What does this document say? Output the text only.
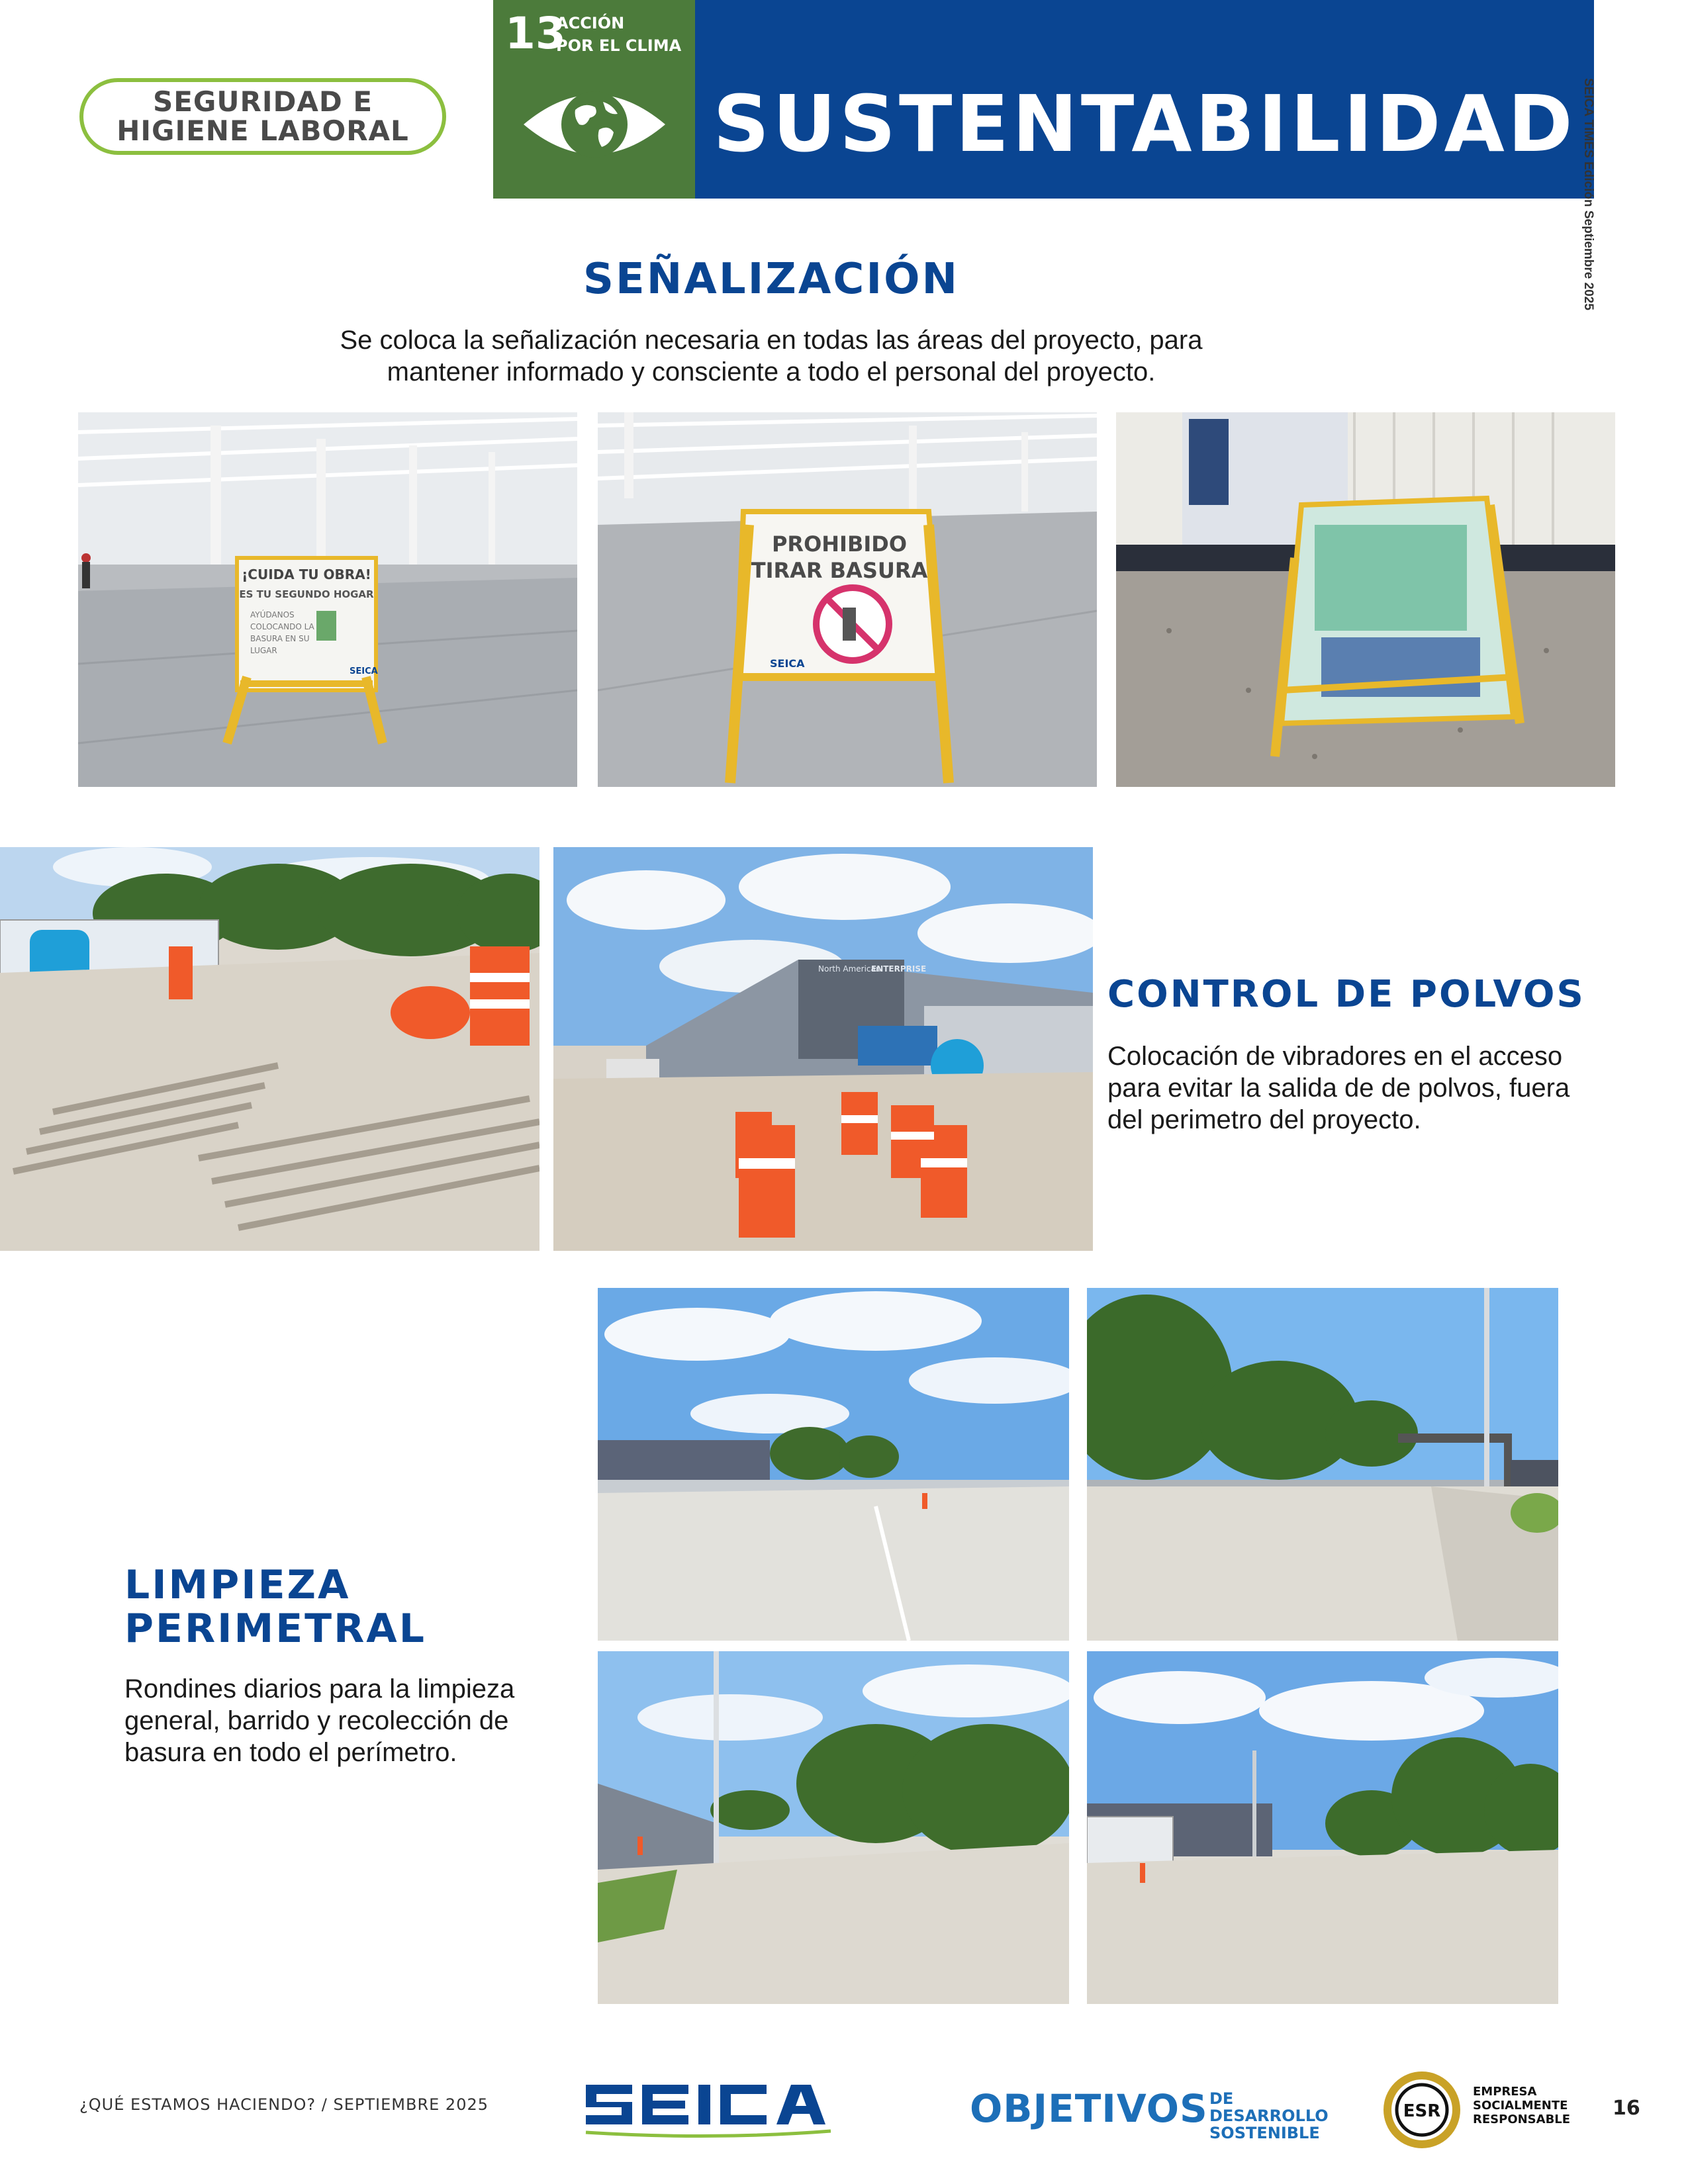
SEGURIDAD E
HIGIENE LABORAL
13
ACCIÓN
POR EL CLIMA
SUSTENTABILIDAD SEICA TIMES Edición Septiembre 2025
SEÑALIZACIÓN
Se coloca la señalización necesaria en todas las áreas del proyecto, para
mantener informado y consciente a todo el personal del proyecto.
¡CUIDA TU OBRA!
ES TU SEGUNDO HOGAR
AYÚDANOS
COLOCANDO LA
BASURA EN SU
LUGAR
SEICA
PROHIBIDO
TIRAR BASURA
SEICA
North American
ENTERPRISE
CONTROL DE POLVOS
Colocación de vibradores en el acceso
para evitar la salida de de polvos, fuera
del perimetro del proyecto.
LIMPIEZA
PERIMETRAL
Rondines diarios para la limpieza
general, barrido y recolección de
basura en todo el perímetro.
¿QUÉ ESTAMOS HACIENDO? / SEPTIEMBRE 2025	OBJETIVOS DE DESARROLLO
SOSTENIBLE
ESR
EMPRESA
SOCIALMENTE
RESPONSABLE 16
